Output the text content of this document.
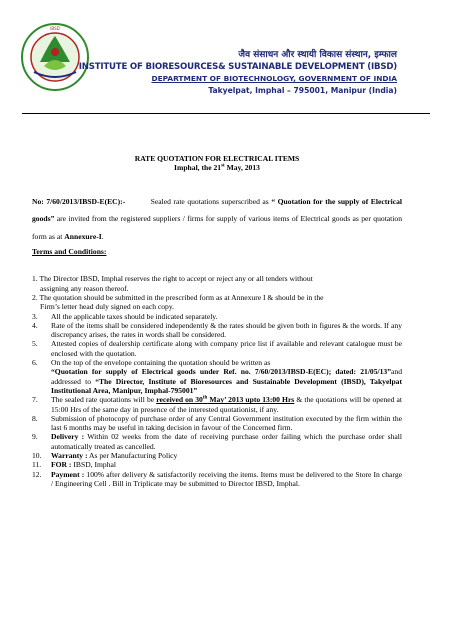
IBSD
जैव संसाधन और स्थायी विकास संस्थान, इम्फाल
INSTITUTE OF BIORESOURCES& SUSTAINABLE DEVELOPMENT (IBSD)
DEPARTMENT OF BIOTECHNOLOGY, GOVERNMENT OF INDIA
Takyelpat, Imphal – 795001, Manipur (India)
RATE QUOTATION FOR ELECTRICAL ITEMS
Imphal, the 21st May, 2013
No: 7/60/2013/IBSD-E(EC):-	Sealed rate quotations superscribed as “ Quotation for the supply of Electrical goods” are invited from the registered suppliers / firms for supply of various items of Electrical goods as per quotation form as at Annexure-I.
Terms and Conditions:
1. The Director IBSD, Imphal reserves the right to accept or reject any or all tenders without
assigning any reason thereof.
2. The quotation should be submitted in the prescribed form as at Annexure I & should be in the
Firm’s letter head duly signed on each copy.
3. All the applicable taxes should be indicated separately.
4. Rate of the items shall be considered independently & the rates should be given both in figures & the words. If any discrepancy arises, the rates in words shall be considered.
5. Attested copies of dealership certificate along with company price list if available and relevant catalogue must be enclosed with the quotation.
6. On the top of the envelope containing the quotation should be written as
“Quotation for supply of Electrical goods under Ref. no. 7/60/2013/IBSD-E(EC); dated: 21/05/13”and addressed to “The Director, Institute of Bioresources and Sustainable Development (IBSD), Takyelpat Institutional Area, Manipur, Imphal-795001”
7. The sealed rate quotations will be received on 30th May’ 2013 upto 13:00 Hrs & the quotations will be opened at 15:00 Hrs of the same day in presence of the interested quotationist, if any.
8. Submission of photocopy of purchase order of any Central Government institution executed by the firm within the last 6 months may be useful in taking decision in favour of the Concerned firm.
9. Delivery : Within 02 weeks from the date of receiving purchase order failing which the purchase order shall automatically treated as cancelled.
10. Warranty : As per Manufacturing Policy
11. FOR : IBSD, Imphal
12. Payment : 100% after delivery & satisfactorily receiving the items. Items must be delivered to the Store In charge / Engineering Cell . Bill in Triplicate may be submitted to Director IBSD, Imphal.
